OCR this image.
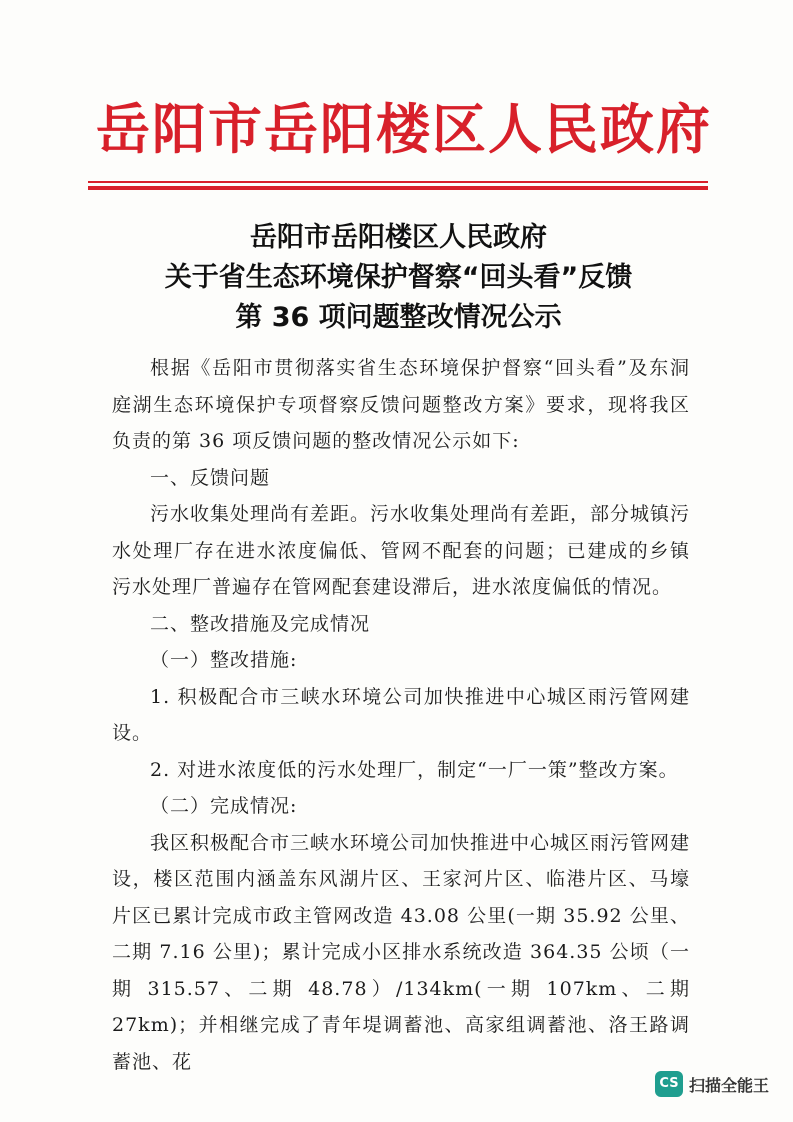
岳阳市岳阳楼区人民政府
岳阳市岳阳楼区人民政府
关于省生态环境保护督察“回头看”反馈
第 36 项问题整改情况公示

根据《岳阳市贯彻落实省生态环境保护督察“回头看”及东洞庭湖生态环境保护专项督察反馈问题整改方案》要求，现将我区负责的第 36 项反馈问题的整改情况公示如下:

一、反馈问题

污水收集处理尚有差距。污水收集处理尚有差距，部分城镇污水处理厂存在进水浓度偏低、管网不配套的问题；已建成的乡镇污水处理厂普遍存在管网配套建设滞后，进水浓度偏低的情况。

二、整改措施及完成情况

（一）整改措施:

1. 积极配合市三峡水环境公司加快推进中心城区雨污管网建设。

2. 对进水浓度低的污水处理厂，制定“一厂一策”整改方案。

（二）完成情况:

我区积极配合市三峡水环境公司加快推进中心城区雨污管网建设，楼区范围内涵盖东风湖片区、王家河片区、临港片区、马壕片区已累计完成市政主管网改造 43.08 公里(一期 35.92 公里、二期 7.16 公里)；累计完成小区排水系统改造 364.35 公顷（一期 315.57、二期 48.78）/134km(一期 107km、二期 27km)；并相继完成了青年堤调蓄池、高家组调蓄池、洛王路调蓄池、花

CS 扫描全能王
